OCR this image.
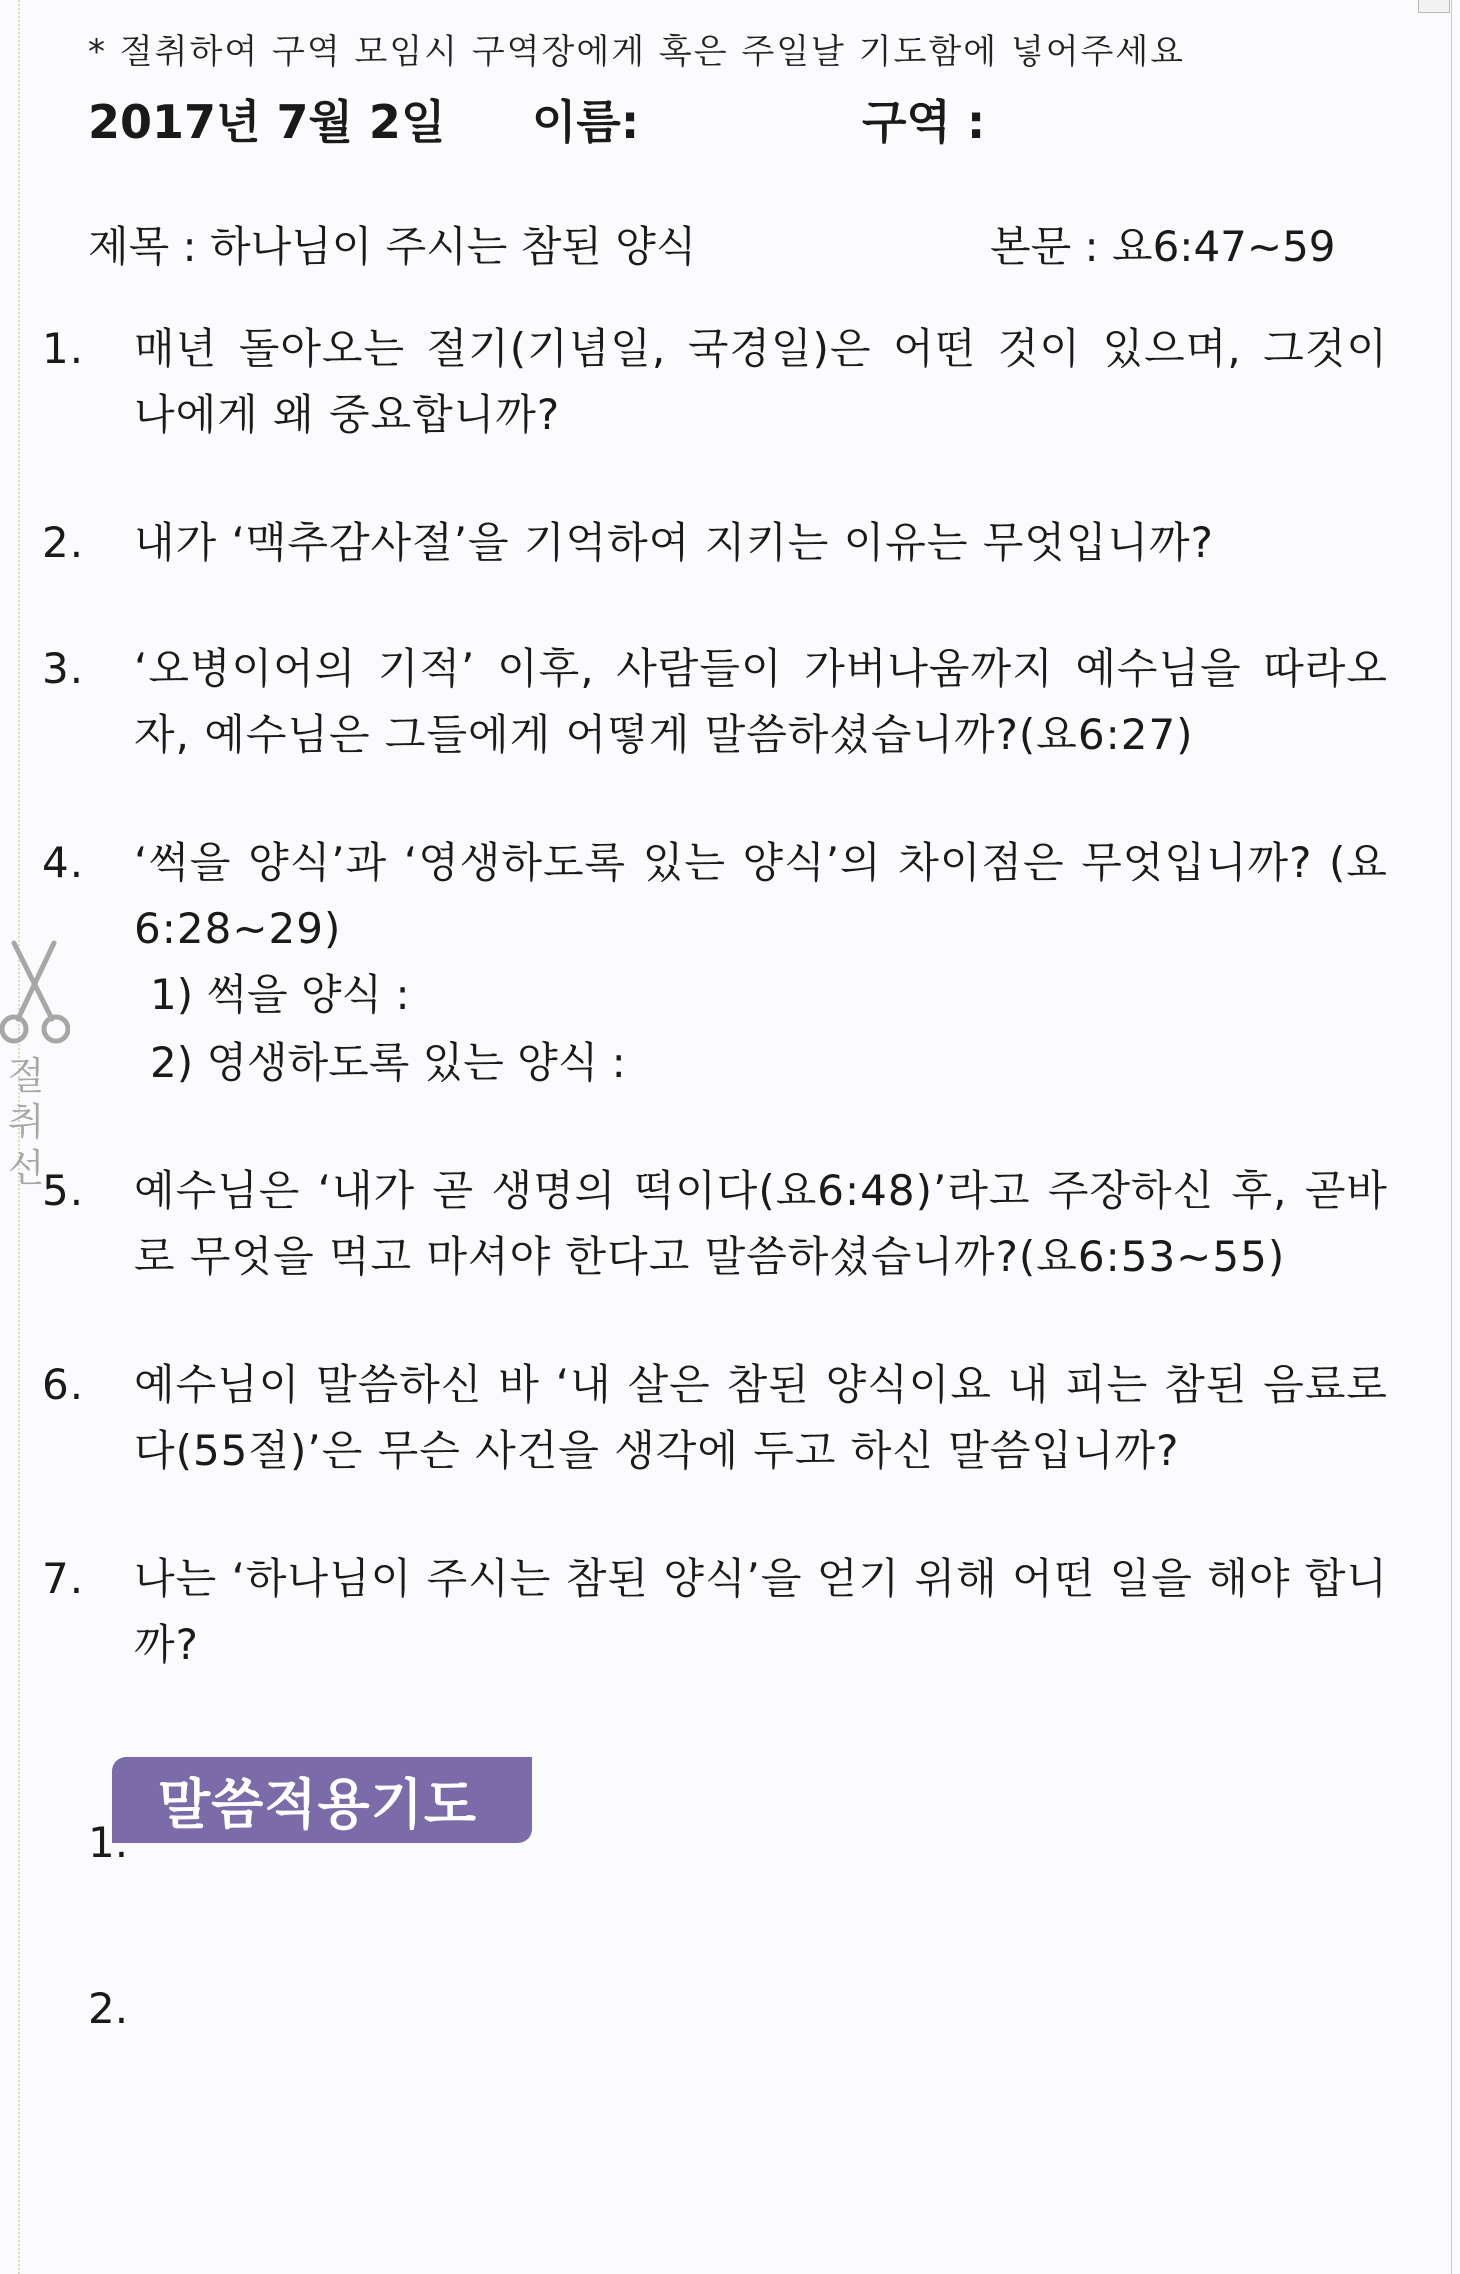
절
취
선
* 절취하여 구역 모임시 구역장에게 혹은 주일날 기도함에 넣어주세요
2017년 7월 2일 이름:	구역 :
제목 : 하나님이 주시는 참된 양식	본문 : 요6:47~59
1. 매년 돌아오는 절기(기념일, 국경일)은 어떤 것이 있으며, 그것이 나에게 왜 중요합니까?
2. 내가 ‘맥추감사절’을 기억하여 지키는 이유는 무엇입니까?
3. ‘오병이어의 기적’ 이후, 사람들이 가버나움까지 예수님을 따라오자, 예수님은 그들에게 어떻게 말씀하셨습니까?(요6:27)
4. ‘썩을 양식’과 ‘영생하도록 있는 양식’의 차이점은 무엇입니까? (요6:28~29)
1) 썩을 양식 :
2) 영생하도록 있는 양식 :
5. 예수님은 ‘내가 곧 생명의 떡이다(요6:48)’라고 주장하신 후, 곧바로 무엇을 먹고 마셔야 한다고 말씀하셨습니까?(요6:53~55)
6. 예수님이 말씀하신 바 ‘내 살은 참된 양식이요 내 피는 참된 음료로다(55절)’은 무슨 사건을 생각에 두고 하신 말씀입니까?
7. 나는 ‘하나님이 주시는 참된 양식’을 얻기 위해 어떤 일을 해야 합니까?
말씀적용기도
1.
2.
